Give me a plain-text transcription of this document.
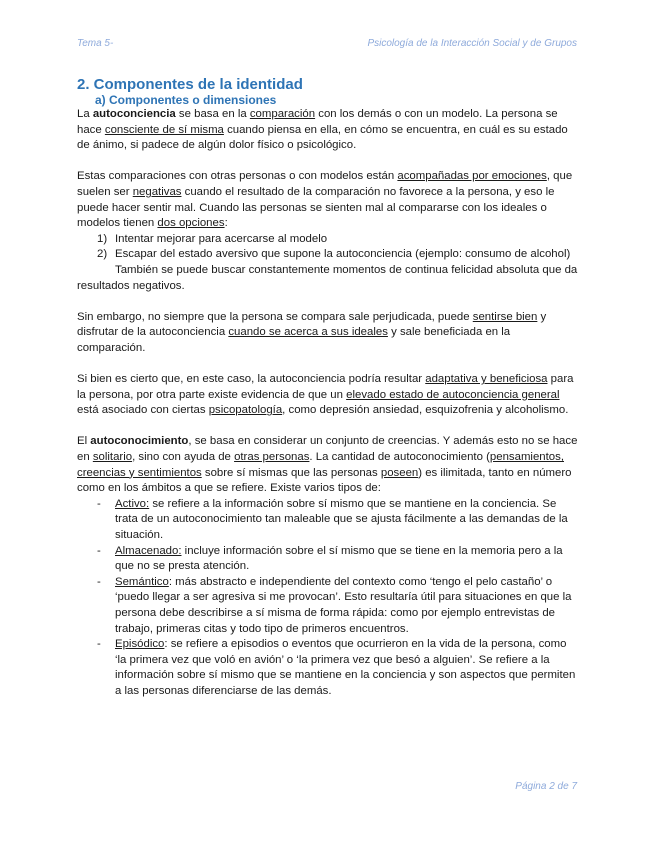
Tema 5-	Psicología de la Interacción Social y de Grupos
2. Componentes de la identidad
a) Componentes o dimensiones

La autoconciencia se basa en la comparación con los demás o con un modelo. La persona se hace consciente de sí misma cuando piensa en ella, en cómo se encuentra, en cuál es su estado de ánimo, si padece de algún dolor físico o psicológico.

Estas comparaciones con otras personas o con modelos están acompañadas por emociones, que suelen ser negativas cuando el resultado de la comparación no favorece a la persona, y eso le puede hacer sentir mal. Cuando las personas se sienten mal al compararse con los ideales o modelos tienen dos opciones:

1) Intentar mejorar para acercarse al modelo
2) Escapar del estado aversivo que supone la autoconciencia (ejemplo: consumo de alcohol)

También se puede buscar constantemente momentos de continua felicidad absoluta que da resultados negativos.

Sin embargo, no siempre que la persona se compara sale perjudicada, puede sentirse bien y disfrutar de la autoconciencia cuando se acerca a sus ideales y sale beneficiada en la comparación.

Si bien es cierto que, en este caso, la autoconciencia podría resultar adaptativa y beneficiosa para la persona, por otra parte existe evidencia de que un elevado estado de autoconciencia general está asociado con ciertas psicopatología, como depresión ansiedad, esquizofrenia y alcoholismo.

El autoconocimiento, se basa en considerar un conjunto de creencias. Y además esto no se hace en solitario, sino con ayuda de otras personas. La cantidad de autoconocimiento (pensamientos, creencias y sentimientos sobre sí mismas que las personas poseen) es ilimitada, tanto en número como en los ámbitos a que se refiere. Existe varios tipos de:

- Activo: se refiere a la información sobre sí mismo que se mantiene en la conciencia. Se trata de un autoconocimiento tan maleable que se ajusta fácilmente a las demandas de la situación.
- Almacenado: incluye información sobre el sí mismo que se tiene en la memoria pero a la que no se presta atención.
- Semántico: más abstracto e independiente del contexto como ‘tengo el pelo castaño’ o ‘puedo llegar a ser agresiva si me provocan’. Esto resultaría útil para situaciones en que la persona debe describirse a sí misma de forma rápida: como por ejemplo entrevistas de trabajo, primeras citas y todo tipo de primeros encuentros.
- Episódico: se refiere a episodios o eventos que ocurrieron en la vida de la persona, como ‘la primera vez que voló en avión’ o ‘la primera vez que besó a alguien’. Se refiere a la información sobre sí mismo que se mantiene en la conciencia y son aspectos que permiten a las personas diferenciarse de las demás.
Página 2 de 7
